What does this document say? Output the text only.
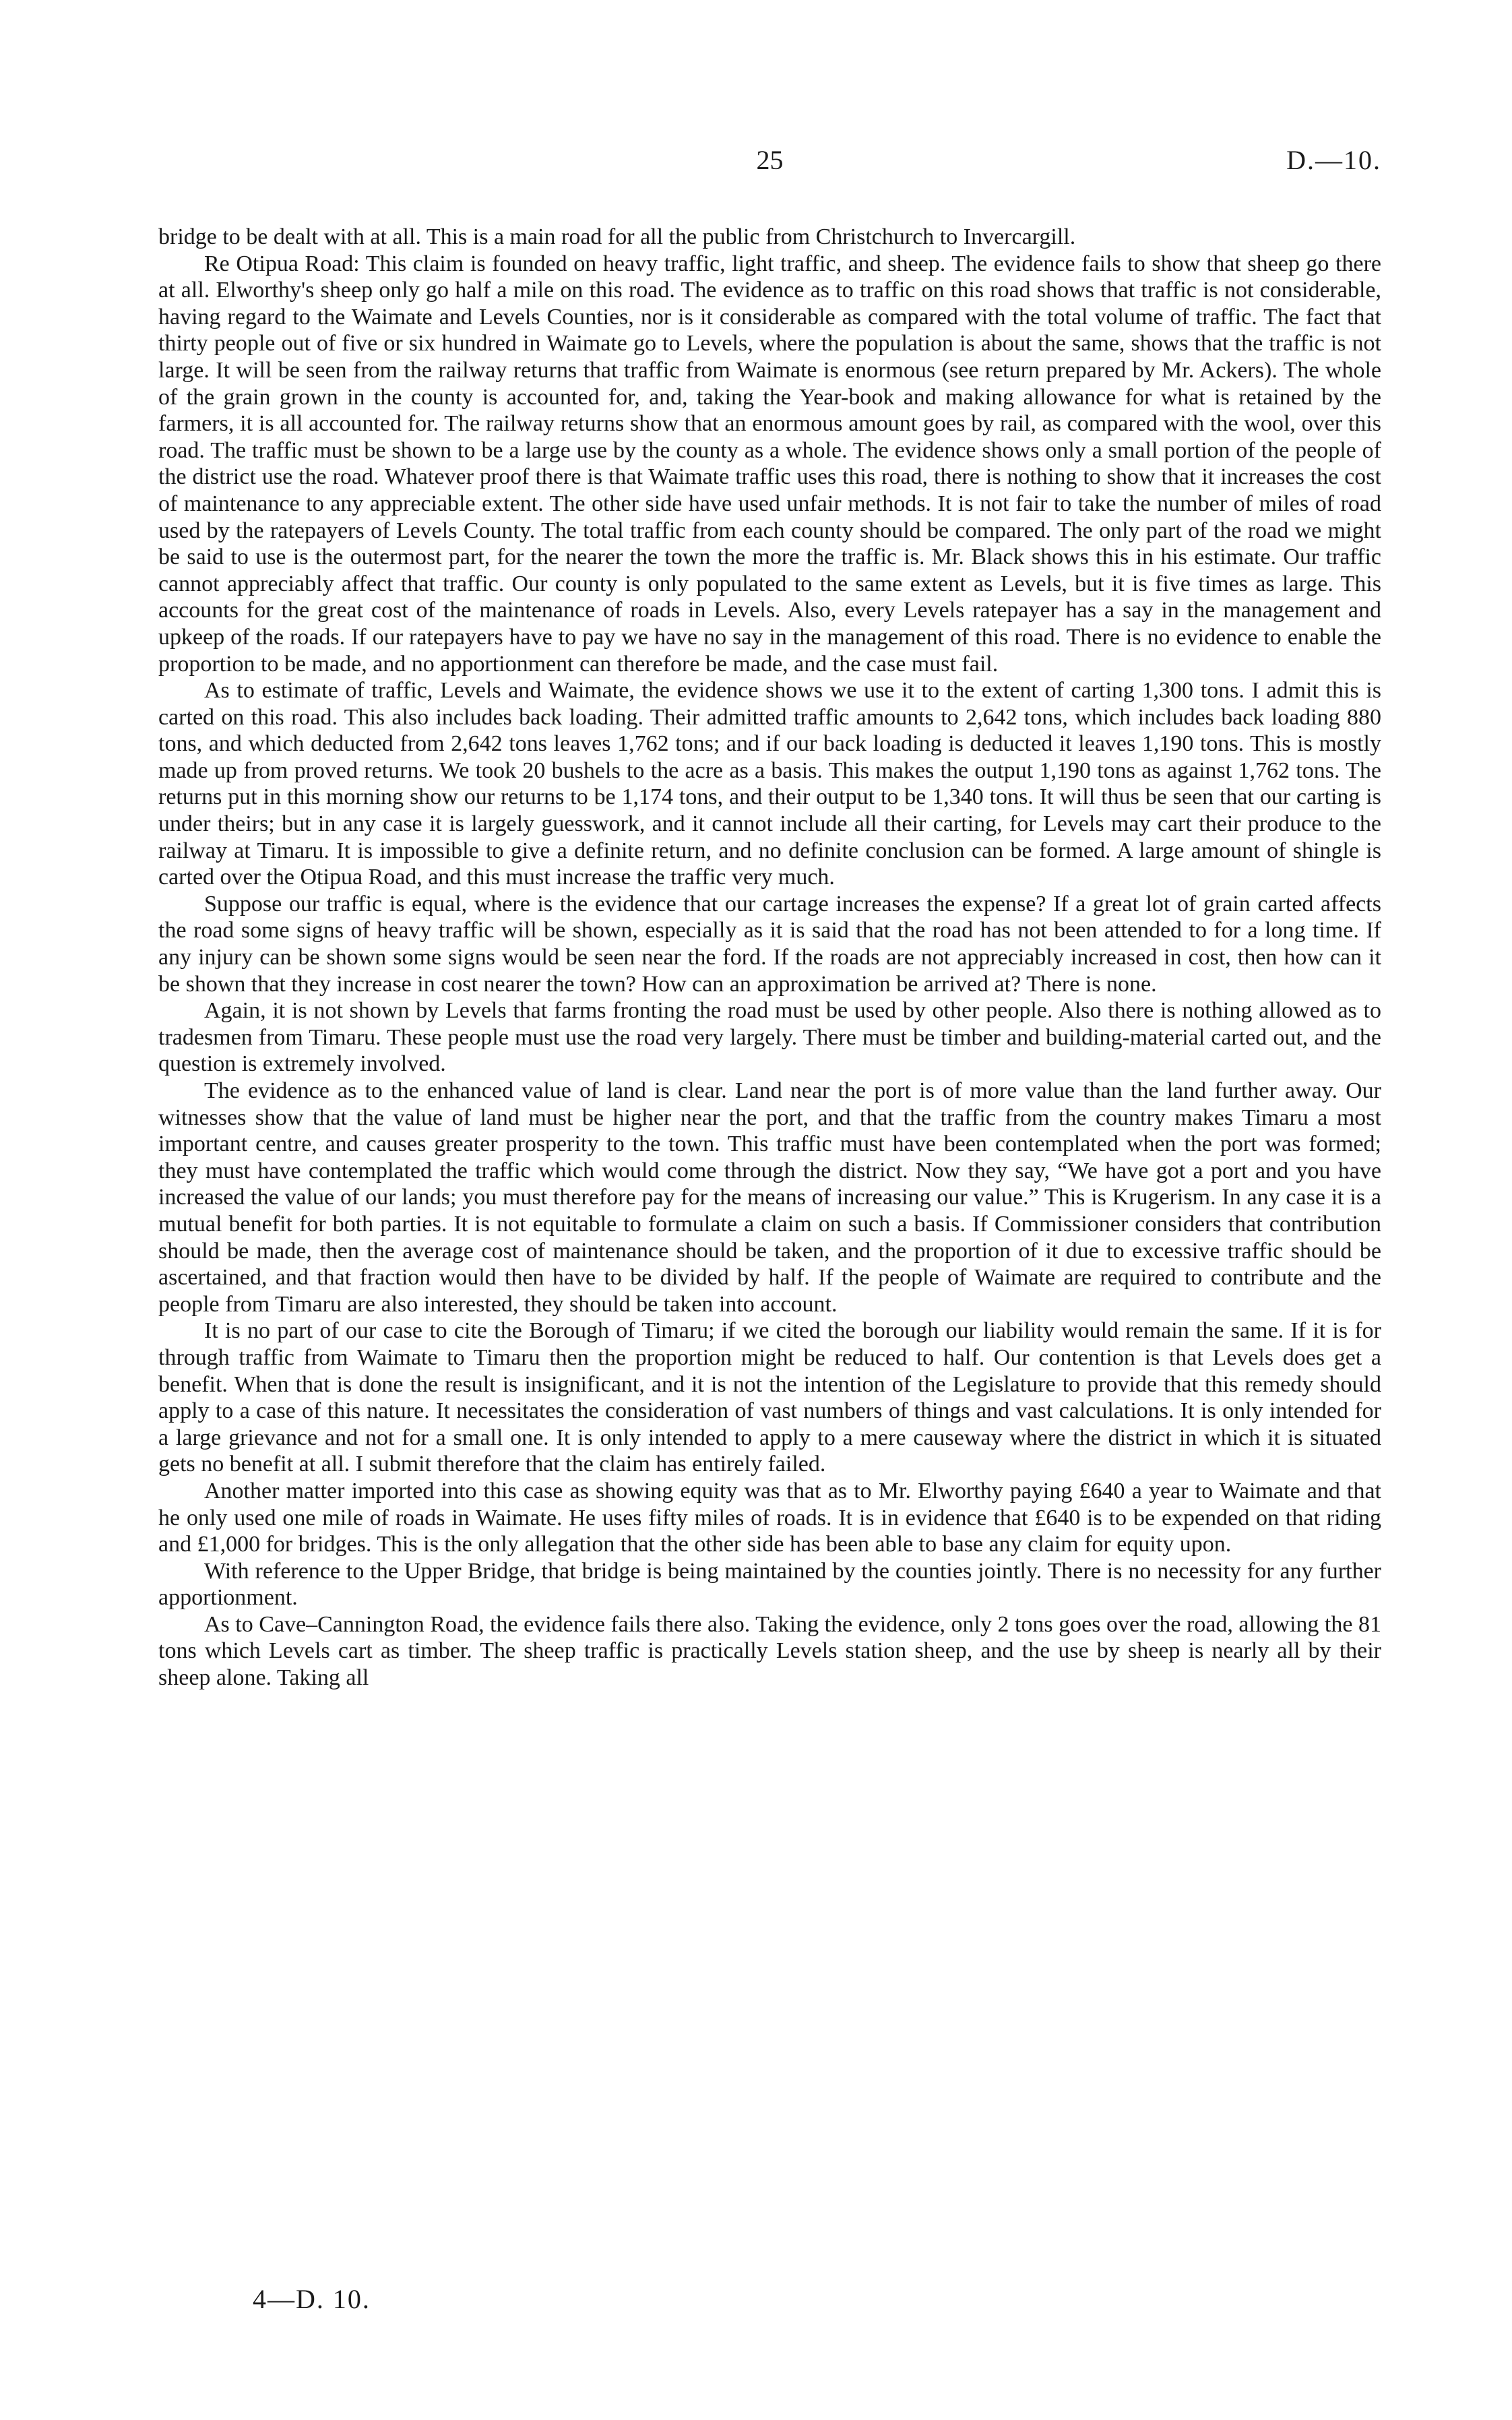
25	D.—10.

bridge to be dealt with at all. This is a main road for all the public from Christchurch to Invercargill.

Re Otipua Road: This claim is founded on heavy traffic, light traffic, and sheep. The evidence fails to show that sheep go there at all. Elworthy's sheep only go half a mile on this road. The evidence as to traffic on this road shows that traffic is not considerable, having regard to the Waimate and Levels Counties, nor is it considerable as compared with the total volume of traffic. The fact that thirty people out of five or six hundred in Waimate go to Levels, where the population is about the same, shows that the traffic is not large. It will be seen from the railway returns that traffic from Waimate is enormous (see return prepared by Mr. Ackers). The whole of the grain grown in the county is accounted for, and, taking the Year-book and making allowance for what is retained by the farmers, it is all accounted for. The railway returns show that an enormous amount goes by rail, as compared with the wool, over this road. The traffic must be shown to be a large use by the county as a whole. The evidence shows only a small portion of the people of the district use the road. Whatever proof there is that Waimate traffic uses this road, there is nothing to show that it increases the cost of maintenance to any appreciable extent. The other side have used unfair methods. It is not fair to take the number of miles of road used by the ratepayers of Levels County. The total traffic from each county should be compared. The only part of the road we might be said to use is the outermost part, for the nearer the town the more the traffic is. Mr. Black shows this in his estimate. Our traffic cannot appreciably affect that traffic. Our county is only populated to the same extent as Levels, but it is five times as large. This accounts for the great cost of the maintenance of roads in Levels. Also, every Levels ratepayer has a say in the management and upkeep of the roads. If our ratepayers have to pay we have no say in the management of this road. There is no evidence to enable the proportion to be made, and no apportionment can therefore be made, and the case must fail.

As to estimate of traffic, Levels and Waimate, the evidence shows we use it to the extent of carting 1,300 tons. I admit this is carted on this road. This also includes back loading. Their admitted traffic amounts to 2,642 tons, which includes back loading 880 tons, and which deducted from 2,642 tons leaves 1,762 tons; and if our back loading is deducted it leaves 1,190 tons. This is mostly made up from proved returns. We took 20 bushels to the acre as a basis. This makes the output 1,190 tons as against 1,762 tons. The returns put in this morning show our returns to be 1,174 tons, and their output to be 1,340 tons. It will thus be seen that our carting is under theirs; but in any case it is largely guesswork, and it cannot include all their carting, for Levels may cart their produce to the railway at Timaru. It is impossible to give a definite return, and no definite conclusion can be formed. A large amount of shingle is carted over the Otipua Road, and this must increase the traffic very much.

Suppose our traffic is equal, where is the evidence that our cartage increases the expense? If a great lot of grain carted affects the road some signs of heavy traffic will be shown, especially as it is said that the road has not been attended to for a long time. If any injury can be shown some signs would be seen near the ford. If the roads are not appreciably increased in cost, then how can it be shown that they increase in cost nearer the town? How can an approximation be arrived at? There is none.

Again, it is not shown by Levels that farms fronting the road must be used by other people. Also there is nothing allowed as to tradesmen from Timaru. These people must use the road very largely. There must be timber and building-material carted out, and the question is extremely involved.

The evidence as to the enhanced value of land is clear. Land near the port is of more value than the land further away. Our witnesses show that the value of land must be higher near the port, and that the traffic from the country makes Timaru a most important centre, and causes greater prosperity to the town. This traffic must have been contemplated when the port was formed; they must have contemplated the traffic which would come through the district. Now they say, “We have got a port and you have increased the value of our lands; you must therefore pay for the means of increasing our value.” This is Krugerism. In any case it is a mutual benefit for both parties. It is not equitable to formulate a claim on such a basis. If Commissioner considers that contribution should be made, then the average cost of maintenance should be taken, and the proportion of it due to excessive traffic should be ascertained, and that fraction would then have to be divided by half. If the people of Waimate are required to contribute and the people from Timaru are also interested, they should be taken into account.

It is no part of our case to cite the Borough of Timaru; if we cited the borough our liability would remain the same. If it is for through traffic from Waimate to Timaru then the proportion might be reduced to half. Our contention is that Levels does get a benefit. When that is done the result is insignificant, and it is not the intention of the Legislature to provide that this remedy should apply to a case of this nature. It necessitates the consideration of vast numbers of things and vast calculations. It is only intended for a large grievance and not for a small one. It is only intended to apply to a mere causeway where the district in which it is situated gets no benefit at all. I submit therefore that the claim has entirely failed.

Another matter imported into this case as showing equity was that as to Mr. Elworthy paying £640 a year to Waimate and that he only used one mile of roads in Waimate. He uses fifty miles of roads. It is in evidence that £640 is to be expended on that riding and £1,000 for bridges. This is the only allegation that the other side has been able to base any claim for equity upon.

With reference to the Upper Bridge, that bridge is being maintained by the counties jointly. There is no necessity for any further apportionment.

As to Cave–Cannington Road, the evidence fails there also. Taking the evidence, only 2 tons goes over the road, allowing the 81 tons which Levels cart as timber. The sheep traffic is practically Levels station sheep, and the use by sheep is nearly all by their sheep alone. Taking all

4—D. 10.
